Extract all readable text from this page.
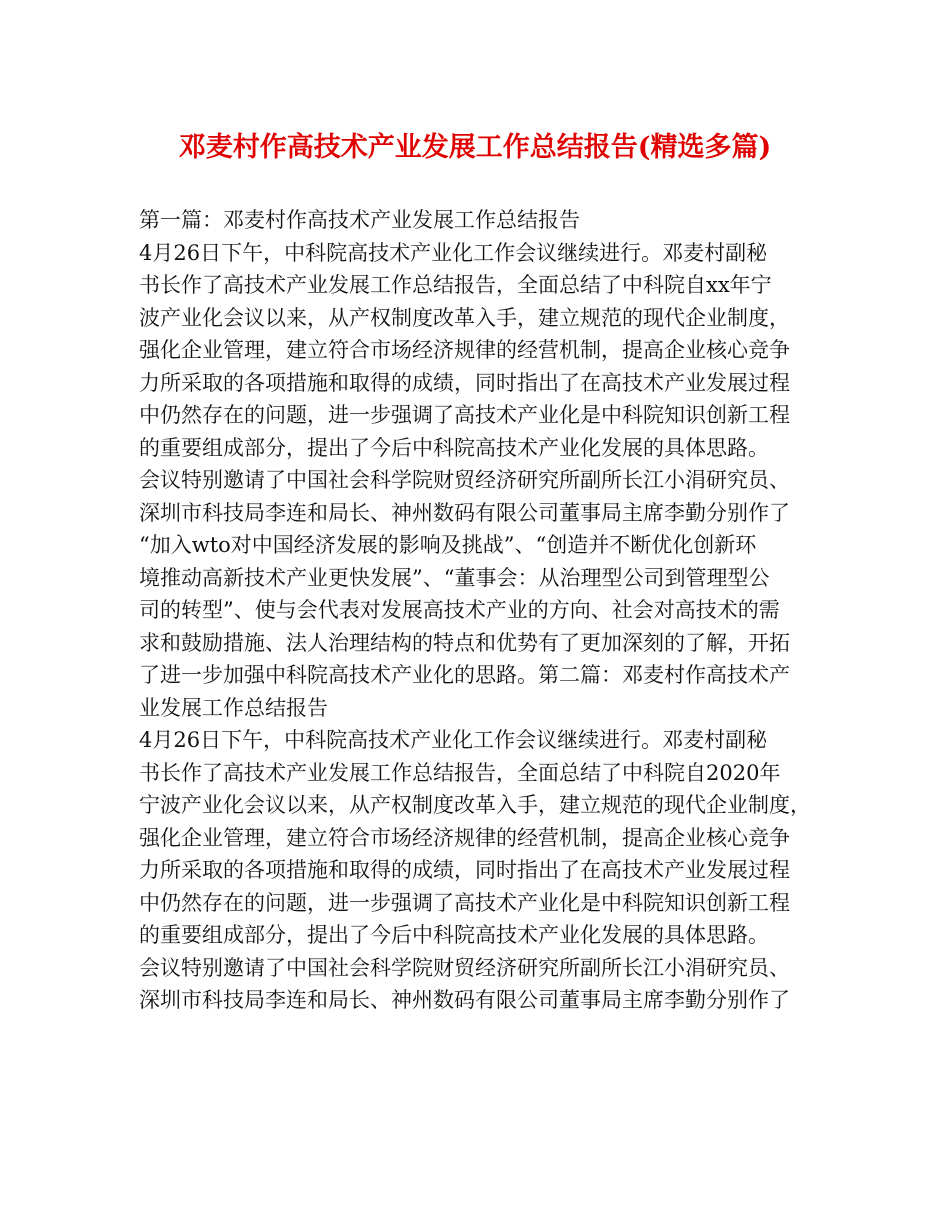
邓麦村作高技术产业发展工作总结报告(精选多篇)
第一篇：邓麦村作高技术产业发展工作总结报告
4月26日下午，中科院高技术产业化工作会议继续进行。邓麦村副秘
书长作了高技术产业发展工作总结报告，全面总结了中科院自xx年宁
波产业化会议以来，从产权制度改革入手，建立规范的现代企业制度，
强化企业管理，建立符合市场经济规律的经营机制，提高企业核心竞争
力所采取的各项措施和取得的成绩，同时指出了在高技术产业发展过程
中仍然存在的问题，进一步强调了高技术产业化是中科院知识创新工程
的重要组成部分，提出了今后中科院高技术产业化发展的具体思路。
会议特别邀请了中国社会科学院财贸经济研究所副所长江小涓研究员、
深圳市科技局李连和局长、神州数码有限公司董事局主席李勤分别作了
“加入wto对中国经济发展的影响及挑战”、“创造并不断优化创新环
境推动高新技术产业更快发展”、“董事会：从治理型公司到管理型公
司的转型”、使与会代表对发展高技术产业的方向、社会对高技术的需
求和鼓励措施、法人治理结构的特点和优势有了更加深刻的了解，开拓
了进一步加强中科院高技术产业化的思路。第二篇：邓麦村作高技术产
业发展工作总结报告
4月26日下午，中科院高技术产业化工作会议继续进行。邓麦村副秘
书长作了高技术产业发展工作总结报告，全面总结了中科院自2020年
宁波产业化会议以来，从产权制度改革入手，建立规范的现代企业制度，
强化企业管理，建立符合市场经济规律的经营机制，提高企业核心竞争
力所采取的各项措施和取得的成绩，同时指出了在高技术产业发展过程
中仍然存在的问题，进一步强调了高技术产业化是中科院知识创新工程
的重要组成部分，提出了今后中科院高技术产业化发展的具体思路。
会议特别邀请了中国社会科学院财贸经济研究所副所长江小涓研究员、
深圳市科技局李连和局长、神州数码有限公司董事局主席李勤分别作了
